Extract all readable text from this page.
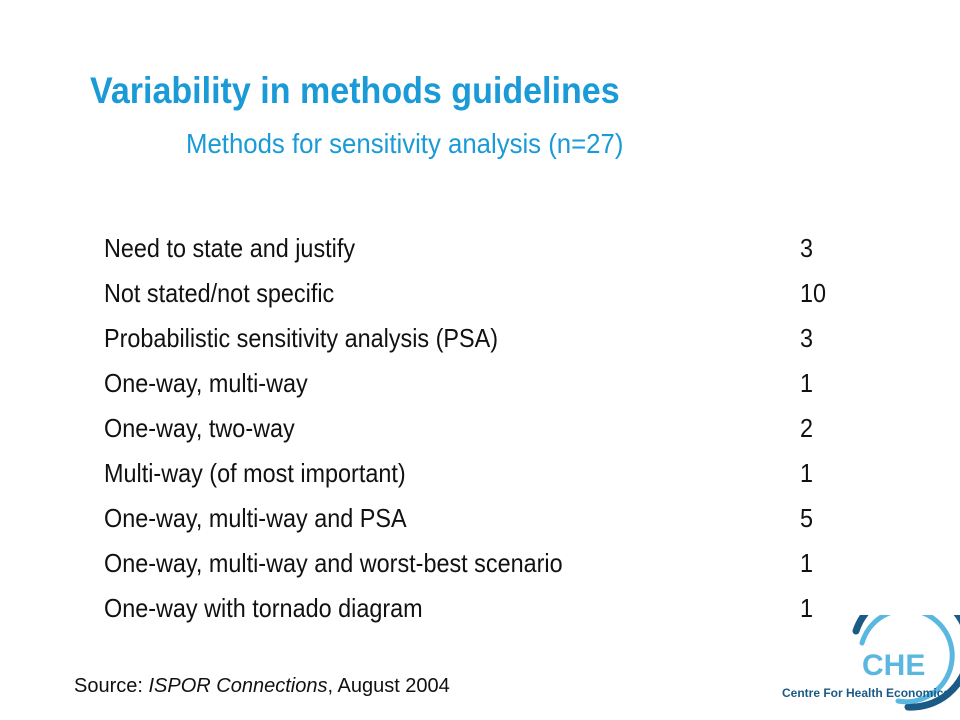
Variability in methods guidelines
Methods for sensitivity analysis (n=27)
Need to state and justify	3
Not stated/not specific	10
Probabilistic sensitivity analysis (PSA)	3
One-way, multi-way	1
One-way, two-way	2
Multi-way (of most important)	1
One-way, multi-way and PSA	5
One-way, multi-way and worst-best scenario	1
One-way with tornado diagram	1
Source: ISPOR Connections, August 2004
CHE
Centre For Health Economics
